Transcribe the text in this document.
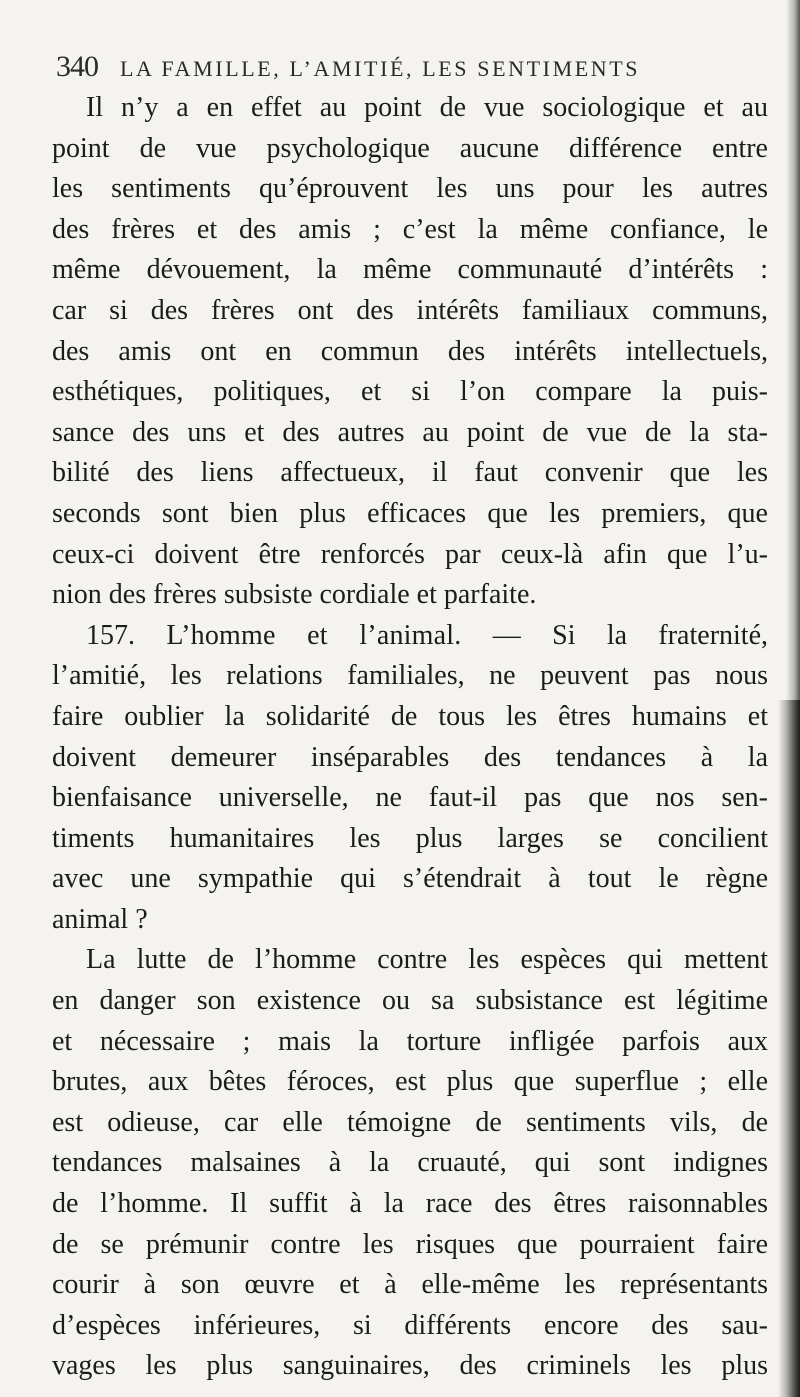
340 LA FAMILLE, L’AMITIÉ, LES SENTIMENTS
Il n’y a en effet au point de vue sociologique et au
point de vue psychologique aucune différence entre
les sentiments qu’éprouvent les uns pour les autres
des frères et des amis ; c’est la même confiance, le
même dévouement, la même communauté d’intérêts :
car si des frères ont des intérêts familiaux communs,
des amis ont en commun des intérêts intellectuels,
esthétiques, politiques, et si l’on compare la puis-
sance des uns et des autres au point de vue de la sta-
bilité des liens affectueux, il faut convenir que les
seconds sont bien plus efficaces que les premiers, que
ceux-ci doivent être renforcés par ceux-là afin que l’u-
nion des frères subsiste cordiale et parfaite.
157. L’homme et l’animal. — Si la fraternité,
l’amitié, les relations familiales, ne peuvent pas nous
faire oublier la solidarité de tous les êtres humains et
doivent demeurer inséparables des tendances à la
bienfaisance universelle, ne faut-il pas que nos sen-
timents humanitaires les plus larges se concilient
avec une sympathie qui s’étendrait à tout le règne
animal ?
La lutte de l’homme contre les espèces qui mettent
en danger son existence ou sa subsistance est légitime
et nécessaire ; mais la torture infligée parfois aux
brutes, aux bêtes féroces, est plus que superflue ; elle
est odieuse, car elle témoigne de sentiments vils, de
tendances malsaines à la cruauté, qui sont indignes
de l’homme. Il suffit à la race des êtres raisonnables
de se prémunir contre les risques que pourraient faire
courir à son œuvre et à elle-même les représentants
d’espèces inférieures, si différents encore des sau-
vages les plus sanguinaires, des criminels les plus
